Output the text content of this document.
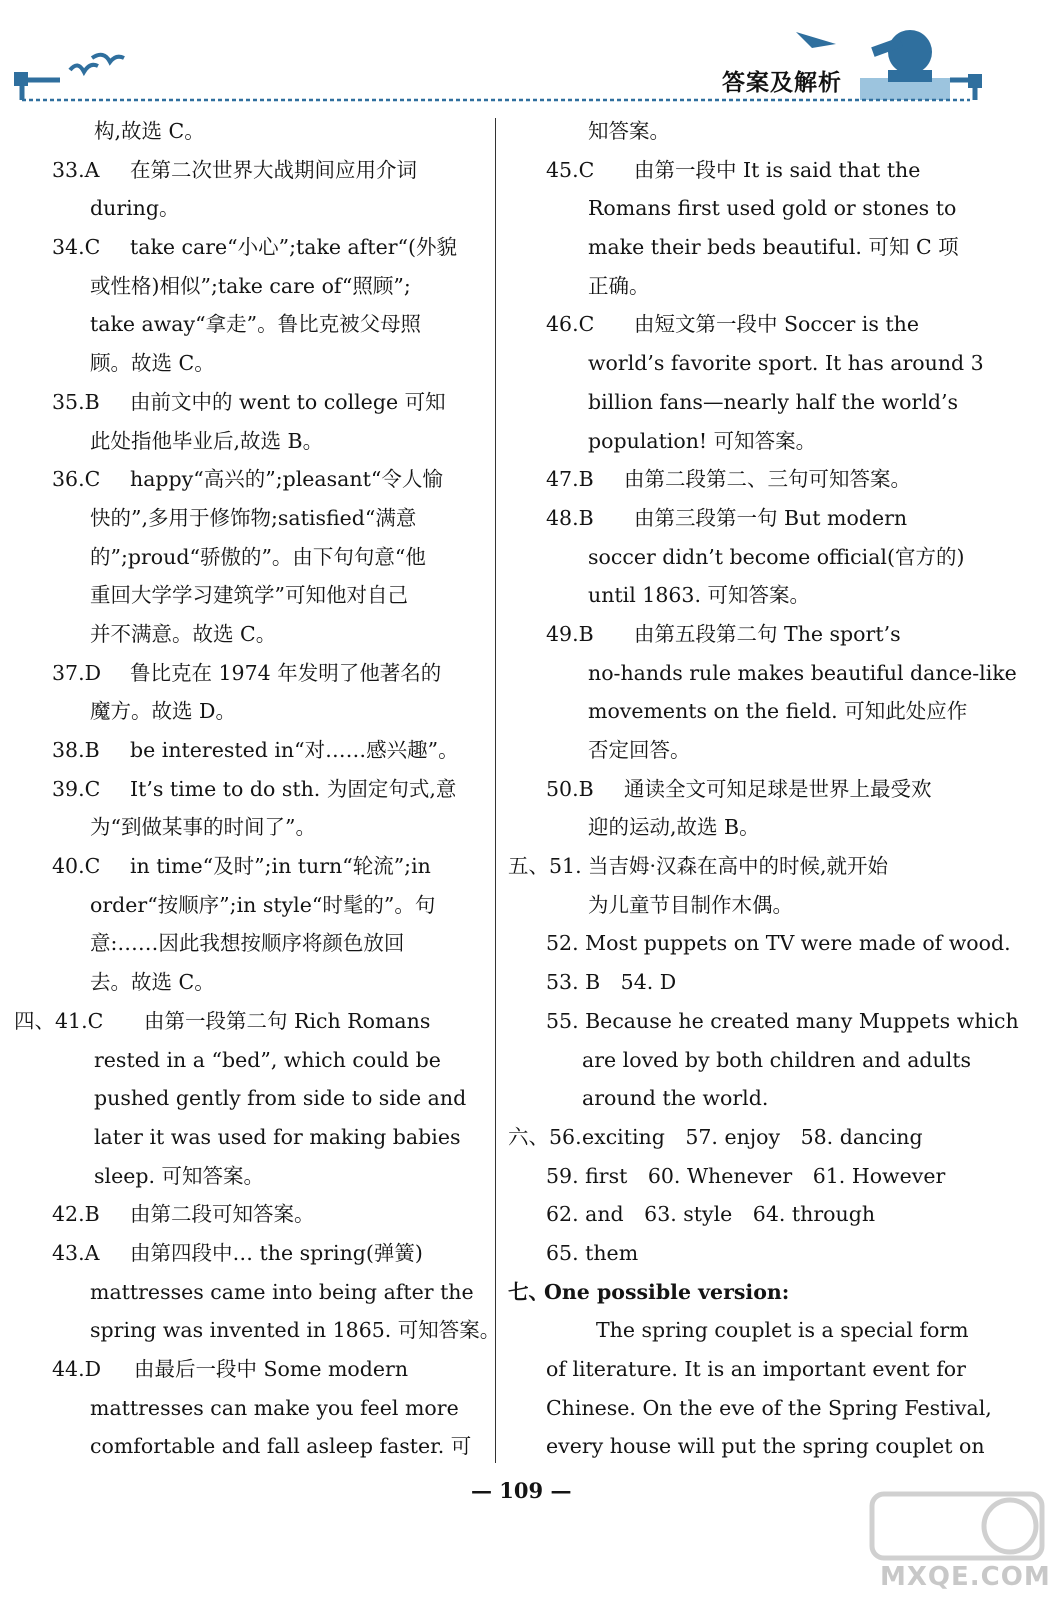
答案及解析
构,故选 C。
33.A 在第二次世界大战期间应用介词
during。
34.C take care“小心”;take after“(外貌
或性格)相似”;take care of“照顾”;
take away“拿走”。鲁比克被父母照
顾。故选 C。
35.B 由前文中的 went to college 可知
此处指他毕业后,故选 B。
36.C happy“高兴的”;pleasant“令人愉
快的”,多用于修饰物;satisfied“满意
的”;proud“骄傲的”。由下句句意“他
重回大学学习建筑学”可知他对自己
并不满意。故选 C。
37.D 鲁比克在 1974 年发明了他著名的
魔方。故选 D。
38.B be interested in“对……感兴趣”。
39.C It’s time to do sth. 为固定句式,意
为“到做某事的时间了”。
40.C in time“及时”;in turn“轮流”;in
order“按顺序”;in style“时髦的”。句
意:……因此我想按顺序将颜色放回
去。故选 C。
四、41.C 由第一段第二句 Rich Romans
rested in a “bed”, which could be
pushed gently from side to side and
later it was used for making babies
sleep. 可知答案。
42.B 由第二段可知答案。
43.A 由第四段中… the spring(弹簧)
mattresses came into being after the
spring was invented in 1865. 可知答案。
44.D 由最后一段中 Some modern
mattresses can make you feel more
comfortable and fall asleep faster. 可
知答案。
45.C 由第一段中 It is said that the
Romans first used gold or stones to
make their beds beautiful. 可知 C 项
正确。
46.C 由短文第一段中 Soccer is the
world’s favorite sport. It has around 3
billion fans—nearly half the world’s
population! 可知答案。
47.B 由第二段第二、三句可知答案。
48.B 由第三段第一句 But modern
soccer didn’t become official(官方的)
until 1863. 可知答案。
49.B 由第五段第二句 The sport’s
no-hands rule makes beautiful dance-like
movements on the field. 可知此处应作
否定回答。
50.B 通读全文可知足球是世界上最受欢
迎的运动,故选 B。
五、51. 当吉姆·汉森在高中的时候,就开始
为儿童节目制作木偶。
52. Most puppets on TV were made of wood.
53. B　54. D
55. Because he created many Muppets which
are loved by both children and adults
around the world.
六、56. exciting　57. enjoy　58. dancing
59. first　60. Whenever　61. However
62. and　63. style　64. through
65. them
七、
One possible version:
The spring couplet is a special form
of literature. It is an important event for
Chinese. On the eve of the Spring Festival,
every house will put the spring couplet on
— 109 —
MXQE.COM
